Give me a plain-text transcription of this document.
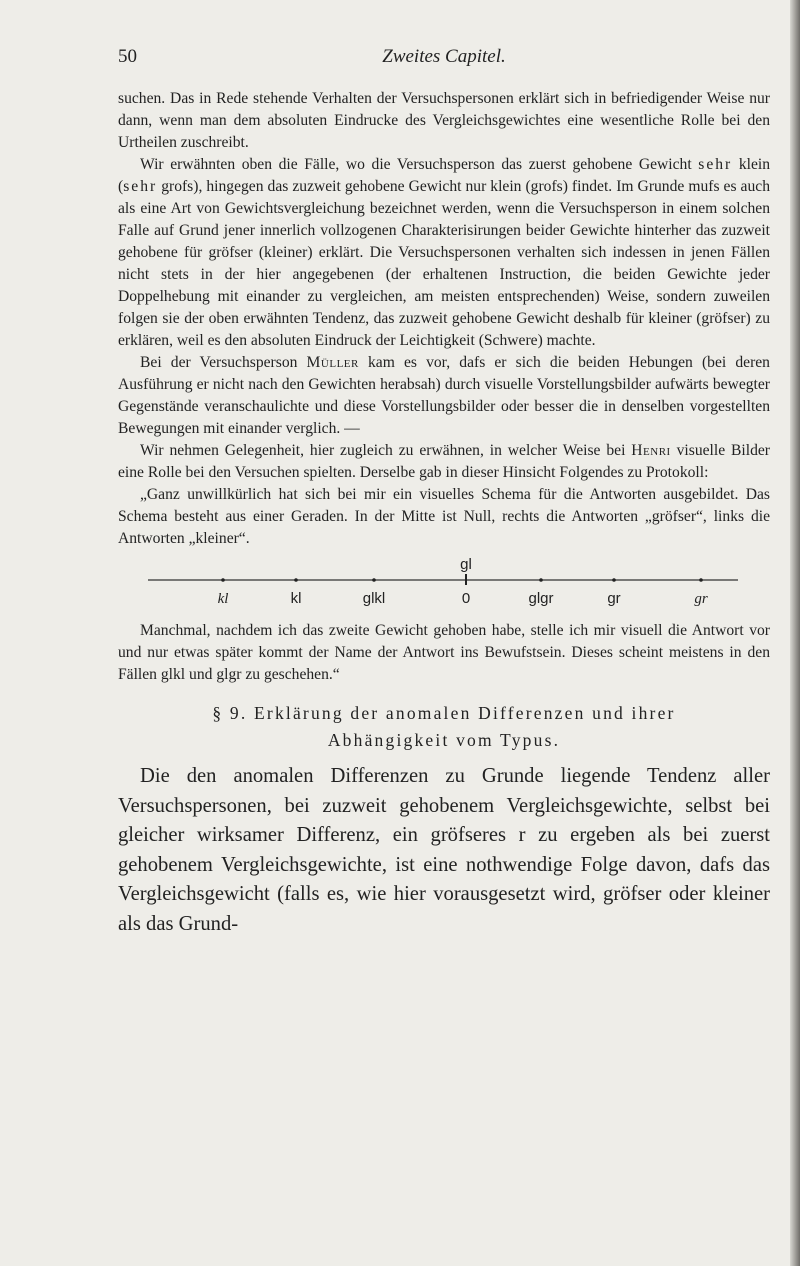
50	Zweites Capitel.

suchen. Das in Rede stehende Verhalten der Versuchspersonen erklärt sich in befriedigender Weise nur dann, wenn man dem absoluten Eindrucke des Vergleichsgewichtes eine wesentliche Rolle bei den Urtheilen zuschreibt.

Wir erwähnten oben die Fälle, wo die Versuchsperson das zuerst gehobene Gewicht sehr klein (sehr grofs), hingegen das zuzweit gehobene Gewicht nur klein (grofs) findet. Im Grunde mufs es auch als eine Art von Gewichtsvergleichung bezeichnet werden, wenn die Versuchsperson in einem solchen Falle auf Grund jener innerlich vollzogenen Charakterisirungen beider Gewichte hinterher das zuzweit gehobene für gröfser (kleiner) erklärt. Die Versuchspersonen verhalten sich indessen in jenen Fällen nicht stets in der hier angegebenen (der erhaltenen Instruction, die beiden Gewichte jeder Doppelhebung mit einander zu vergleichen, am meisten entsprechenden) Weise, sondern zuweilen folgen sie der oben erwähnten Tendenz, das zuzweit gehobene Gewicht deshalb für kleiner (gröfser) zu erklären, weil es den absoluten Eindruck der Leichtigkeit (Schwere) machte.

Bei der Versuchsperson Müller kam es vor, dafs er sich die beiden Hebungen (bei deren Ausführung er nicht nach den Gewichten herabsah) durch visuelle Vorstellungsbilder aufwärts bewegter Gegenstände veranschaulichte und diese Vorstellungsbilder oder besser die in denselben vorgestellten Bewegungen mit einander verglich. —

Wir nehmen Gelegenheit, hier zugleich zu erwähnen, in welcher Weise bei Henri visuelle Bilder eine Rolle bei den Versuchen spielten. Derselbe gab in dieser Hinsicht Folgendes zu Protokoll:

„Ganz unwillkürlich hat sich bei mir ein visuelles Schema für die Antworten ausgebildet. Das Schema besteht aus einer Geraden. In der Mitte ist Null, rechts die Antworten „gröfser“, links die Antworten „kleiner“.

gl
kl	kl	glkl	0	glgr	gr	gr

Manchmal, nachdem ich das zweite Gewicht gehoben habe, stelle ich mir visuell die Antwort vor und nur etwas später kommt der Name der Antwort ins Bewufstsein. Dieses scheint meistens in den Fällen glkl und glgr zu geschehen.“

§ 9. Erklärung der anomalen Differenzen und ihrer
Abhängigkeit vom Typus.

Die den anomalen Differenzen zu Grunde liegende Tendenz aller Versuchspersonen, bei zuzweit gehobenem Vergleichsgewichte, selbst bei gleicher wirksamer Differenz, ein gröfseres r zu ergeben als bei zuerst gehobenem Vergleichsgewichte, ist eine nothwendige Folge davon, dafs das Vergleichsgewicht (falls es, wie hier vorausgesetzt wird, gröfser oder kleiner als das Grund-
